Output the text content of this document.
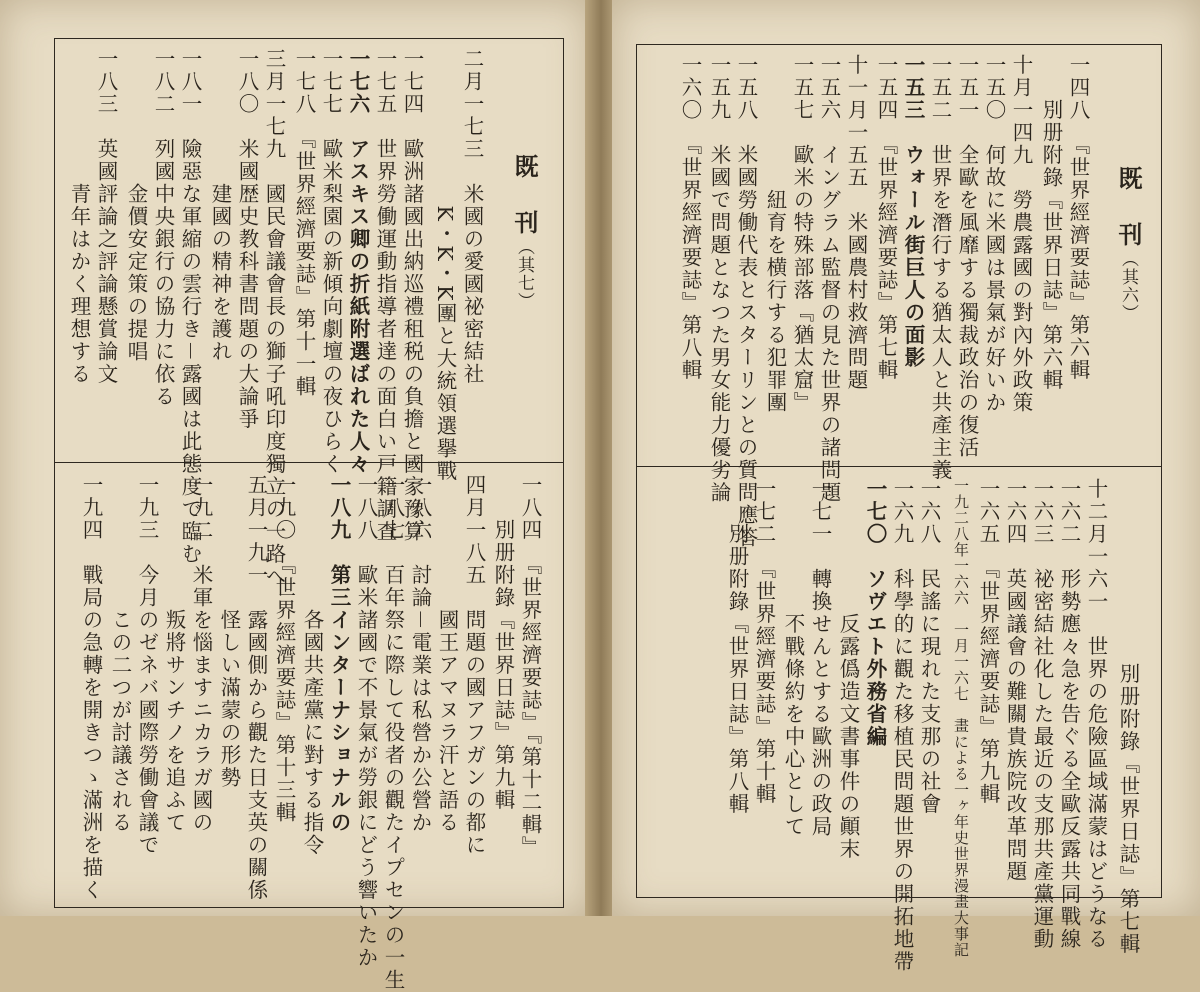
既　刊（其七）
二月一七三　米國の愛國祕密結社
　　　　　　　K・K・K團と大統領選擧戰
一七四　歐洲諸國出納巡禮租税の負擔と國家豫算
一七五　世界勞働運動指導者達の面白い戸籍調査
一七六　アスキス卿の折紙附選ばれた人々
一七七　歐米梨園の新傾向劇壇の夜ひらく
一七八　『世界經濟要誌』第十一輯
三月一七九　國民會議會長の獅子吼印度獨立の一路へ
一八〇　米國歴史教科書問題の大論爭
　　　　　　建國の精神を護れ
一八一　險惡な軍縮の雲行き－露國は此態度で臨む
一八二　列國中央銀行の協力に依る
　　　　　　金價安定策の提唱
一八三　英國評論之評論懸賞論文
　　　　　　青年はかく理想する
一八四　『世界經濟要誌』『第十二輯』
　　別册附錄『世界日誌』第九輯
四月一八五　問題の國アフガンの都に
　　　　　　國王アマヌラ汗と語る
一八六　討論－電業は私營か公營か
一八七　百年祭に際して役者の觀たイプセンの一生
一八八　歐米諸國で不景氣が勞銀にどう響いたか
一八九　第三インターナショナルの
　　　　　　各國共產黨に對する指令
一九〇　『世界經濟要誌』第十三輯
五月一九一　露國側から觀た日支英の關係
　　　　　　怪しい滿蒙の形勢
一九二　米軍を惱ますニカラガ國の
　　　　　　叛將サンチノを追ふて
一九三　今月のゼネバ國際勞働會議で
　　　　　　この二つが討議される
一九四　戰局の急轉を開きつゝ滿洲を描く
既　刊（其六）
一四八　『世界經濟要誌』第六輯
　　別册附錄『世界日誌』第六輯
十月一四九　勞農露國の對內外政策
一五〇　何故に米國は景氣が好いか
一五一　全歐を風靡する獨裁政治の復活
一五二　世界を潛行する猶太人と共產主義
一五三　ウォール街巨人の面影
一五四　『世界經濟要誌』第七輯
十一月一五五　米國農村救濟問題
一五六　イングラム監督の見た世界の諸問題
一五七　歐米の特殊部落『猶太窟』
　　　　　　紐育を横行する犯罪團
一五八　米國勞働代表とスターリンとの質問應答
一五九　米國で問題となつた男女能力優劣論
一六〇　『世界經濟要誌』第八輯
　　別册附錄『世界日誌』第七輯
十二月一六一　世界の危險區域滿蒙はどうなる
一六二　形勢應々急を告ぐる全歐反露共同戰線
一六三　祕密結社化した最近の支那共產黨運動
一六四　英國議會の難關貴族院改革問題
一六五　『世界經濟要誌』第九輯
一九二八年一六六　一月一六七　畫による一ヶ年史世界漫畫大事記
一六八　民謠に現れた支那の社會
一六九　科學的に觀た移植民問題世界の開拓地帶
一七〇　ソヴエト外務省編
　　　　　　反露僞造文書事件の顚末
一七一　轉換せんとする歐洲の政局
　　　　　　不戰條約を中心として
一七二　『世界經濟要誌』第十輯
　　別册附錄『世界日誌』第八輯
